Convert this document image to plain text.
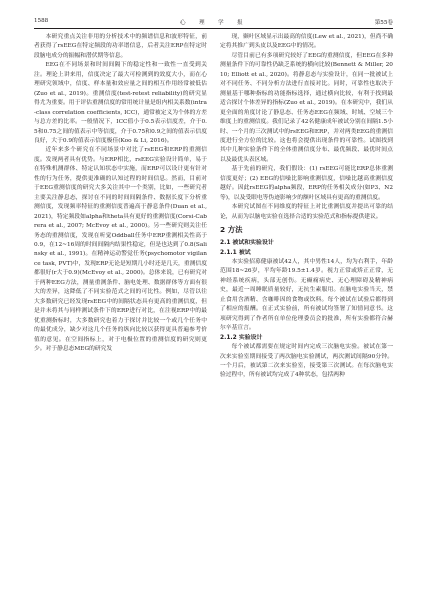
1588	心 理 学 报	第55卷

本研究重点关注非用的分析技术中的频谱信息和波形特征，前者获得了rsEEG在特定频段的功率谱信息，后者关注ERP在特定时段脑电成分的振幅和潜伏期等信息。

EEG在不同场景和时间间隔下的稳定性和一致性一直受到关注。理论上讲来用，信度决定了最大可检测到的效度大小，而在心理研究领域中，信度、样本量和效应量之间的相互作用经常被低估(Zuo et al., 2019)。重测信度(test-retest reliability)的研究显得尤为重要。用于评估重测信度的常用统计量是组内相关系数(intra-class correlation coefficients, ICC)，通常被定义为个体的方差与总方差的比率。一般情况下，ICC值小于0.5表示信度差，介于0.5和0.75之间的值表示中等信度，介于0.75和0.9之间的值表示信度良好，大于0.9的值表示信度极佳(Koo & Li, 2016)。

近年来多个研究在不同场景中对比了rsEEG和ERP的重测信度。发现两者具有优势。与ERP相比，rsEEG实验设计简单，易于在特殊机测群体、特定认知状态中实施，而ERP可以设计更有针对性的行为任务，提供更准确的认知过程的时间信息。然而，目前对于EEG重测信度的研究大多关注其中一个类别，比如，一些研究者主要关注静息态，探讨在不同的时间间隔条件、数据长度下分析重测信度，发现频率特征的重测信度普遍高于静息条件(Duan et al., 2021)，特定频段如alpha和theta具有更好的重测信度(Corsi-Cabrera et al., 2007; McEvoy et al., 2000)。另一些研究则关注任务态的重测信度，发现在听觉Oddball任务中ERP重测相关性高于0.9，在12~16周的时间间隔内结果性稳定，但是也达到了0.8(Salinsky et al., 1991)。在精神运动警觉任务(psychomotor vigilance task, PVT)中，发现ERP无论是短期几小时还是几天，重测信度都很好(r大于0.9)(McEvoy et al., 2000)。总体来说，已有研究对于两种EEG方法，测量重测条件、脑电处理、数据群体等方面有很大的差异，这降低了不同实验范式之间的可比性。例如，尽管以往大多数研究已经发现rsEEG中的间隔状态具有更高的重测信度，但是并未将其与同样测试条件下的ERP进行对比，在注视ERP中的最优重测指标时，大多数研究也着力于探讨并比较一个或几个任务中的最优成分，缺少对这几个任务的纵向比较以获得更具普遍参考价值的意见。在空间指标上，对于电极位置的重测信度的研究则更少。对于静息态MEG的研究发

现，颞叶区域显示出最高的信度(Lew et al., 2021)，但尚不确定将其推广到头皮以及EEG中的情况。

尽管目前已有多项研究较好了EEG的重测信度，但EEG在多种测量条件下的可靠性仍缺乏系统的横向比较(Bennett & Miller, 2010; Elliott et al., 2020)。将静息态与实验设计，在同一批被试上对不同任务、不同分析方法进行直接对比。同时，可靠性也取决于测量基于哪种指标的功能指标选择，通过横向比较，有利于找到最适合探讨个体差异的指标(Zuo et al., 2019)。在本研究中，我们从更全面的角度讨论了静息态、任务态EEG在频域、时域、空域三个维度上的重测信度。我们记录了42名健康成年被试分别在间隔1.5小时、一个月的三次测试中的rsEEG和ERP，并对两类EEG的重测信度进行全方位的比较。这也将会提供出现条件的可靠性。试图找到其中几种实验条件下的全体重测信度分布、最优频段、最优时间点以及最优头表区域。

基于先前的研究，我们假设：(1) rsEEG可能比ERP总体重测信度更好；(2) EEG的信噪比影响重测信度，信噪比越高重测信度越好。因此rsEEG的alpha频段，ERP的任务相关成分(如P3、N2等)，以及受眼电等伪迹影响少的额叶区域具有更高的重测信度。

本研究试图在不同维度的特征上对比重测信度并提出可靠的结论，从而为以脑电实验在选择合适的实验范式和指标提供建议。

2 方法
2.1 被试和实验设计
2.1.1 被试

本实验招募健康被试42人，其中男性14人，均为右利手，年龄范围18~26岁，平均年龄19.5±1.4岁。视力正常或矫正正常，无神经系统疾病，头部无创伤。无癫痫病史、无心理障碍及精神病史，最近一周睡眠质量较好，无抗生素服用。在脑电实验当天，禁止食用含酒精、含咖啡因的食物或饮料。每个被试在试验后都得到了相应的报酬。在正式实验前，所有被试均签署了知情同意书。这项研究得到了作者所在单位伦理委员会的批准，所有实验都符合赫尔辛基宣言。

2.1.2 实验设计

每个被试都需要在规定时间内完成三次脑电实验。被试在第一次来实验室期间接受了两次脑电实验测试，两次测试间隔90分钟。一个月后，被试第二次来实验室，接受第三次测试。在每次脑电实验过程中，所有被试均完成了4种状态，包括两种
